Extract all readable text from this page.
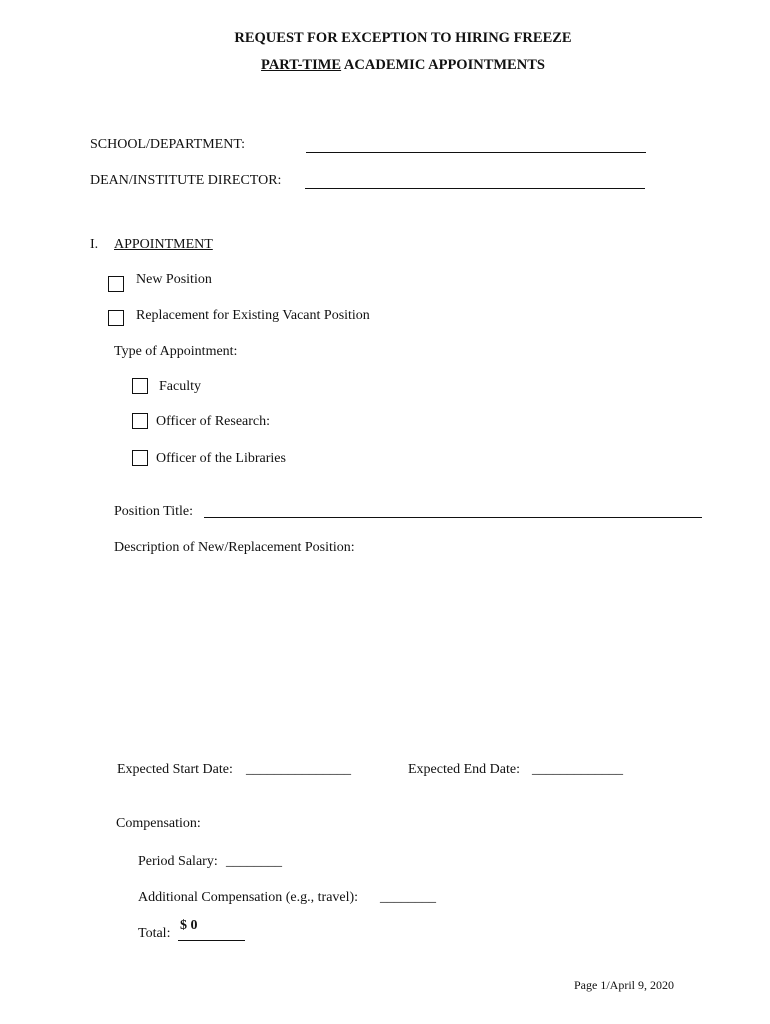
REQUEST FOR EXCEPTION TO HIRING FREEZE
PART-TIME ACADEMIC APPOINTMENTS
SCHOOL/DEPARTMENT:
DEAN/INSTITUTE DIRECTOR:
I. APPOINTMENT
New Position
Replacement for Existing Vacant Position
Type of Appointment:
Faculty
Officer of Research:
Officer of the Libraries
Position Title:
Description of New/Replacement Position:
Expected Start Date: _______________	Expected End Date: _____________
Compensation:
Period Salary: ________
Additional Compensation (e.g., travel): ________
Total:
$ 0
Page 1/April 9, 2020
